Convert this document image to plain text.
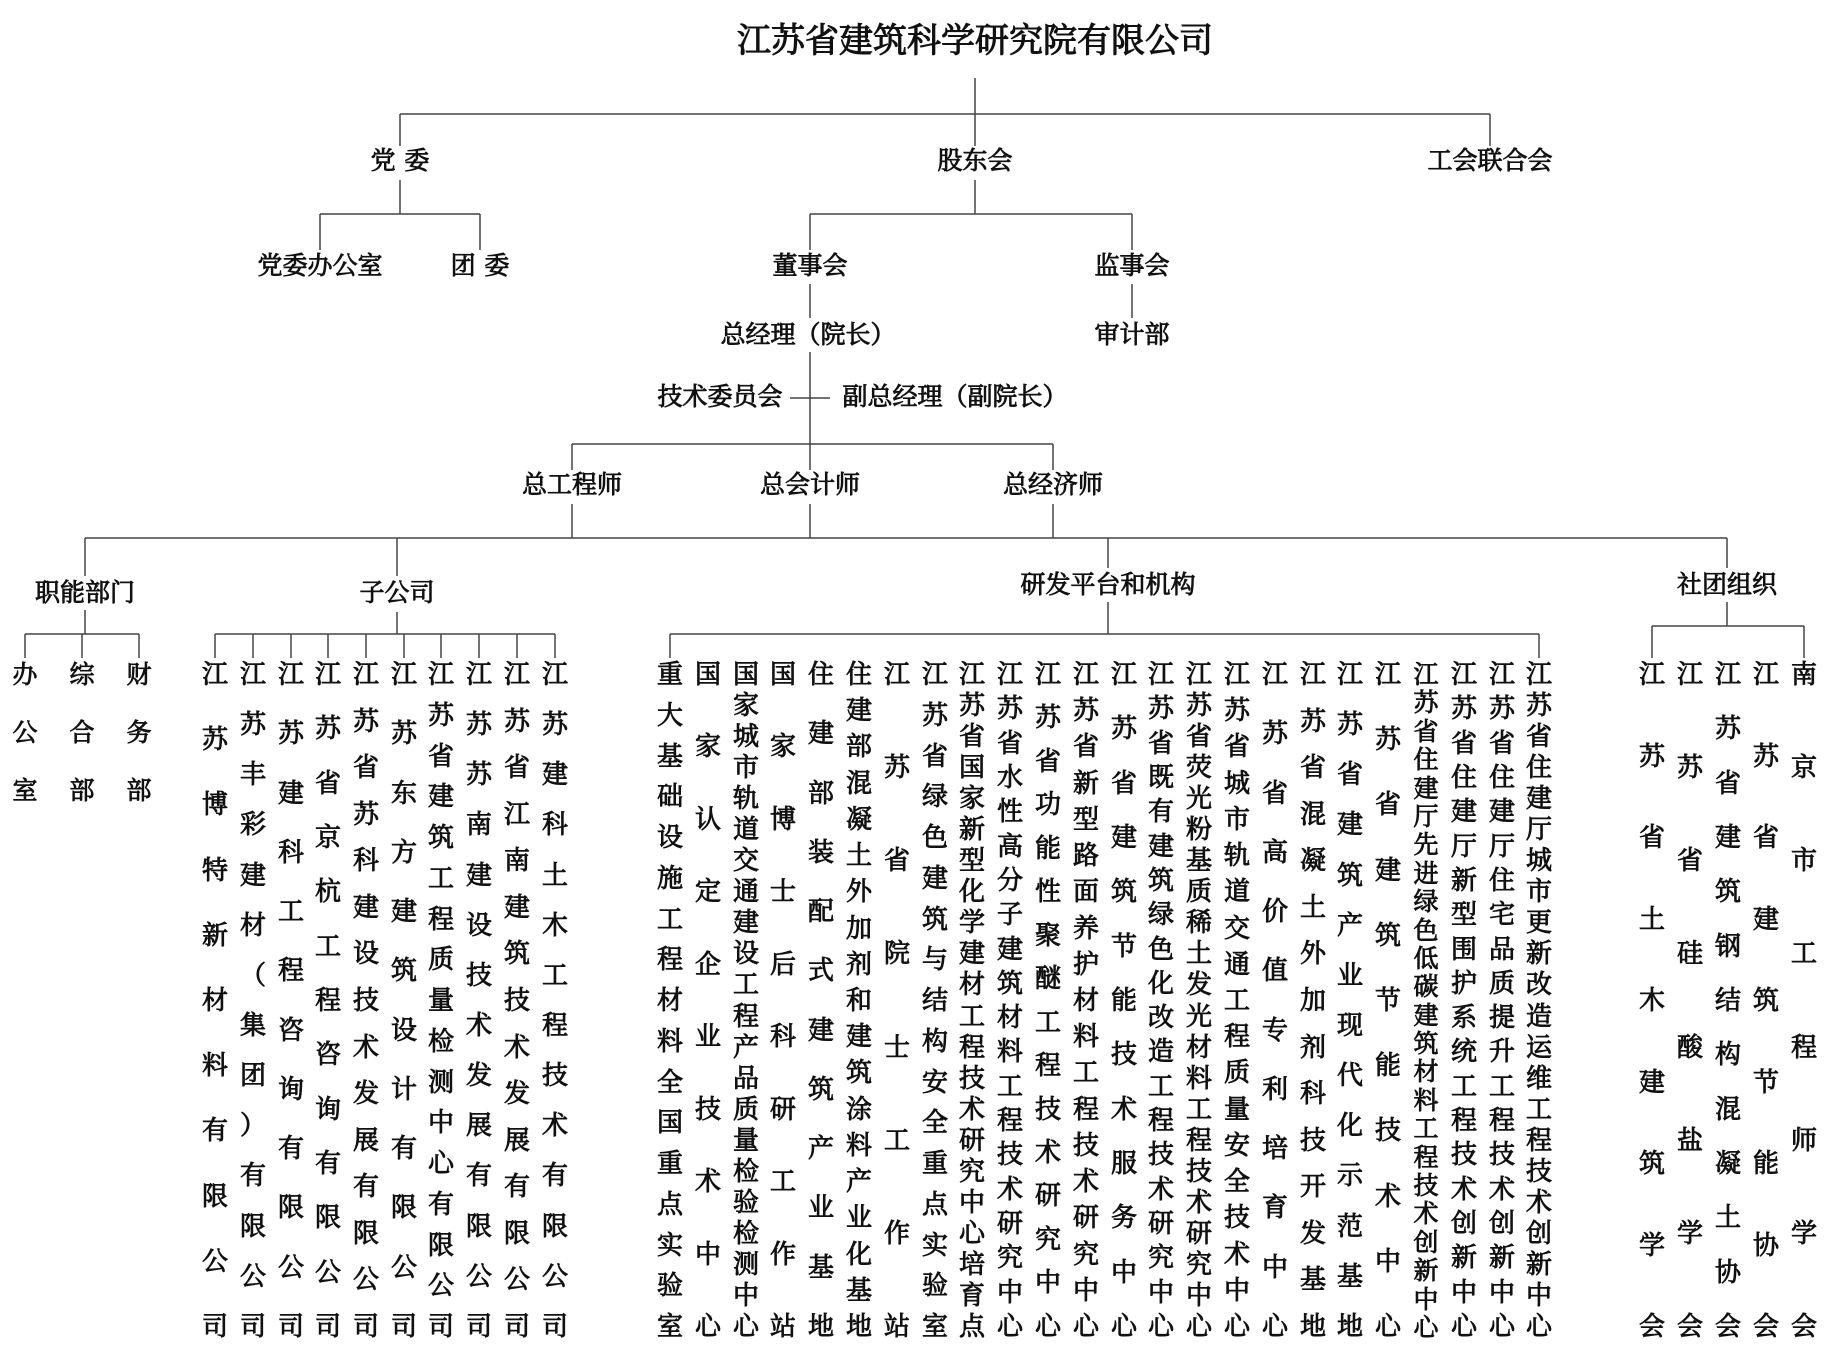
江苏省建筑科学研究院有限公司
党 委	股东会	工会联合会
党委办公室	团 委	董事会	监事会
审计部
总经理（院长）
技术委员会 副总经理（副院长）
总工程师	总会计师	总经济师
职能部门	子公司	研发平台和机构	社团组织
办
公
室
综
合
部
财
务
部
江
苏
博
特
新
材
料
有
限
公
司
江
苏
丰
彩
建
材
（
集
团
）
有
限
公
司
江
苏
建
科
工
程
咨
询
有
限
公
司
江
苏
省
京
杭
工
程
咨
询
有
限
公
司
江
苏
省
苏
科
建
设
技
术
发
展
有
限
公
司
江
苏
东
方
建
筑
设
计
有
限
公
司
江
苏
省
建
筑
工
程
质
量
检
测
中
心
有
限
公
司
江
苏
苏
南
建
设
技
术
发
展
有
限
公
司
江
苏
省
江
南
建
筑
技
术
发
展
有
限
公
司
江
苏
建
科
土
木
工
程
技
术
有
限
公
司
重
大
基
础
设
施
工
程
材
料
全
国
重
点
实
验
室
国
家
认
定
企
业
技
术
中
心
国
家
城
市
轨
道
交
通
建
设
工
程
产
品
质
量
检
验
检
测
中
心
国
家
博
士
后
科
研
工
作
站
住
建
部
装
配
式
建
筑
产
业
基
地
住
建
部
混
凝
土
外
加
剂
和
建
筑
涂
料
产
业
化
基
地
江
苏
省
院
士
工
作
站
江
苏
省
绿
色
建
筑
与
结
构
安
全
重
点
实
验
室
江
苏
省
国
家
新
型
化
学
建
材
工
程
技
术
研
究
中
心
培
育
点
江
苏
省
水
性
高
分
子
建
筑
材
料
工
程
技
术
研
究
中
心
江
苏
省
功
能
性
聚
醚
工
程
技
术
研
究
中
心
江
苏
省
新
型
路
面
养
护
材
料
工
程
技
术
研
究
中
心
江
苏
省
建
筑
节
能
技
术
服
务
中
心
江
苏
省
既
有
建
筑
绿
色
化
改
造
工
程
技
术
研
究
中
心
江
苏
省
荧
光
粉
基
质
稀
土
发
光
材
料
工
程
技
术
研
究
中
心
江
苏
省
城
市
轨
道
交
通
工
程
质
量
安
全
技
术
中
心
江
苏
省
高
价
值
专
利
培
育
中
心
江
苏
省
混
凝
土
外
加
剂
科
技
开
发
基
地
江
苏
省
建
筑
产
业
现
代
化
示
范
基
地
江
苏
省
建
筑
节
能
技
术
中
心
江
苏
省
住
建
厅
先
进
绿
色
低
碳
建
筑
材
料
工
程
技
术
创
新
中
心
江
苏
省
住
建
厅
新
型
围
护
系
统
工
程
技
术
创
新
中
心
江
苏
省
住
建
厅
住
宅
品
质
提
升
工
程
技
术
创
新
中
心
江
苏
省
住
建
厅
城
市
更
新
改
造
运
维
工
程
技
术
创
新
中
心
江
苏
省
土
木
建
筑
学
会
江
苏
省
硅
酸
盐
学
会
江
苏
省
建
筑
钢
结
构
混
凝
土
协
会
江
苏
省
建
筑
节
能
协
会
南
京
市
工
程
师
学
会
